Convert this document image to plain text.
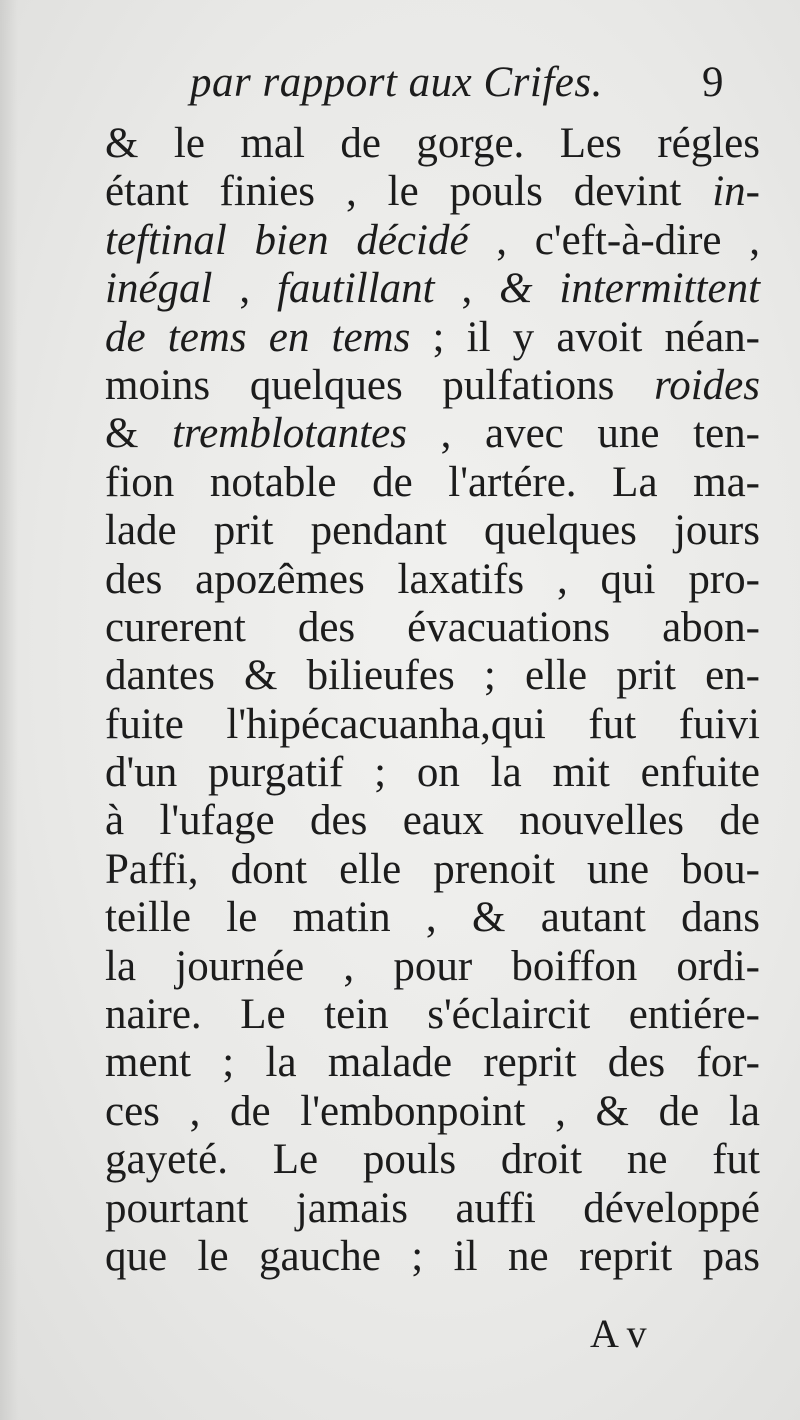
par rapport aux Crifes. 9
& le mal de gorge. Les régles
étant finies , le pouls devint in-
teftinal bien décidé , c'eft-à-dire ,
inégal , fautillant , & intermittent
de tems en tems ; il y avoit néan-
moins quelques pulfations roides
& tremblotantes , avec une ten-
fion notable de l'artére. La ma-
lade prit pendant quelques jours
des apozêmes laxatifs , qui pro-
curerent des évacuations abon-
dantes & bilieufes ; elle prit en-
fuite l'hipécacuanha,qui fut fuivi
d'un purgatif ; on la mit enfuite
à l'ufage des eaux nouvelles de
Paffi, dont elle prenoit une bou-
teille le matin , & autant dans
la journée , pour boiffon ordi-
naire. Le tein s'éclaircit entiére-
ment ; la malade reprit des for-
ces , de l'embonpoint , & de la
gayeté. Le pouls droit ne fut
pourtant jamais auffi développé
que le gauche ; il ne reprit pas
A v
